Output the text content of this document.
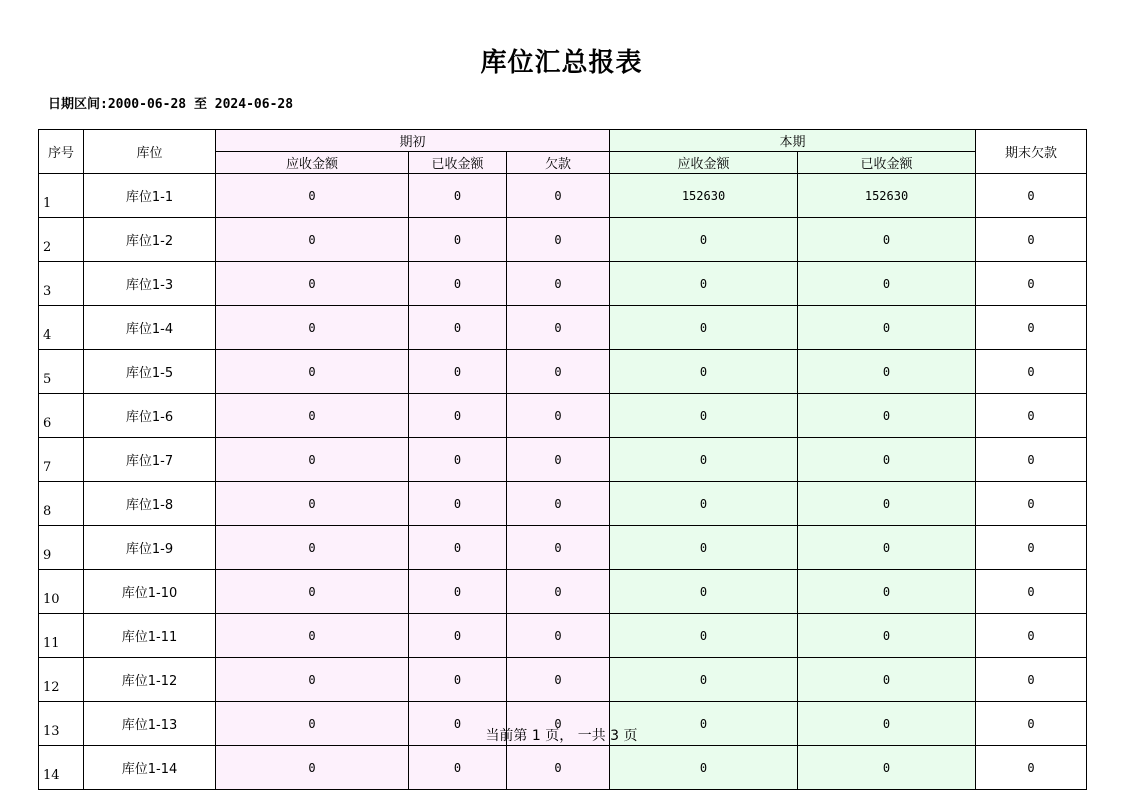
库位汇总报表
日期区间:2000-06-28 至 2024-06-28
序号	库位	期初			本期		期末欠款
		应收金额	已收金额	欠款	应收金额	已收金额	
1	库位1-1	0	0	0	152630	152630	0
2	库位1-2	0	0	0	0	0	0
3	库位1-3	0	0	0	0	0	0
4	库位1-4	0	0	0	0	0	0
5	库位1-5	0	0	0	0	0	0
6	库位1-6	0	0	0	0	0	0
7	库位1-7	0	0	0	0	0	0
8	库位1-8	0	0	0	0	0	0
9	库位1-9	0	0	0	0	0	0
10	库位1-10	0	0	0	0	0	0
11	库位1-11	0	0	0	0	0	0
12	库位1-12	0	0	0	0	0	0
13	库位1-13	0	0	0	0	0	0
14	库位1-14	0	0	0	0	0	0
当前第 1 页， 一共 3 页
